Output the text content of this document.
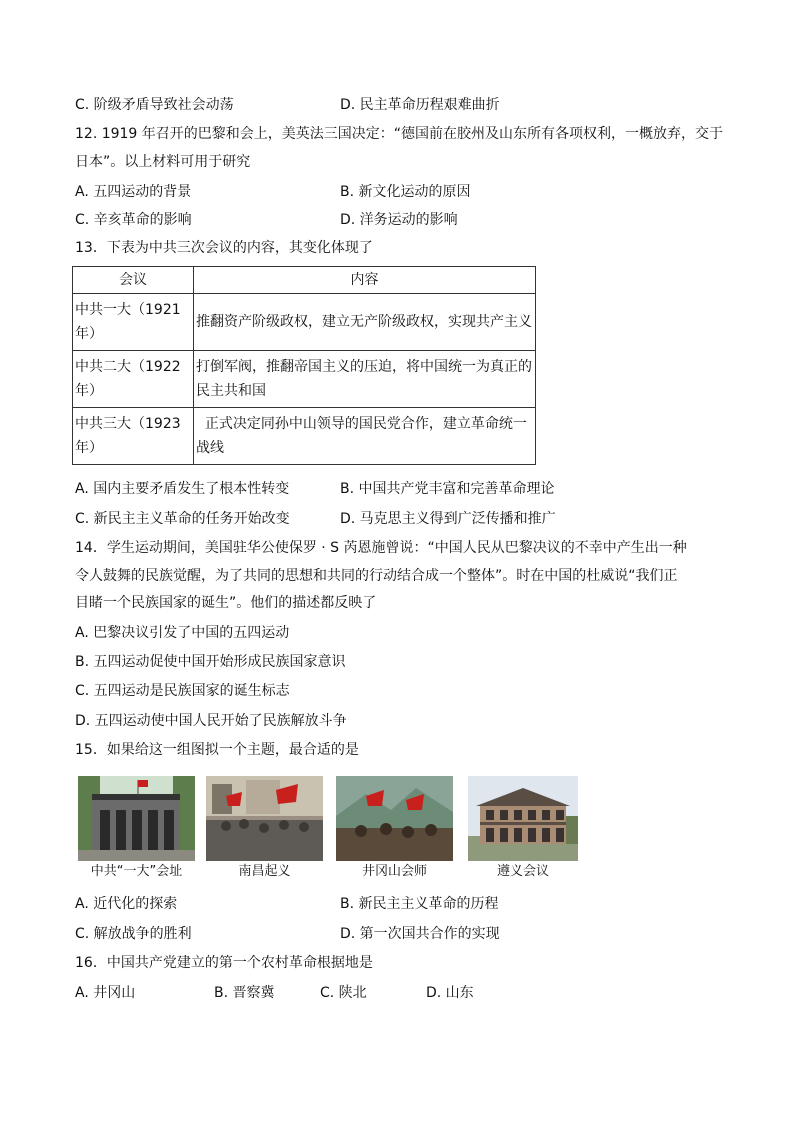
C. 阶级矛盾导致社会动荡	D. 民主革命历程艰难曲折
12. 1919 年召开的巴黎和会上，美英法三国决定：“德国前在胶州及山东所有各项权利，一概放弃，交于
日本”。以上材料可用于研究
A. 五四运动的背景	B. 新文化运动的原因
C. 辛亥革命的影响	D. 洋务运动的影响
13．下表为中共三次会议的内容，其变化体现了
会议	内容
中共一大（1921 年）	推翻资产阶级政权，建立无产阶级政权，实现共产主义
中共二大（1922 年）	打倒军阀，推翻帝国主义的压迫，将中国统一为真正的民主共和国
中共三大（1923 年）	正式决定同孙中山领导的国民党合作，建立革命统一战线
A. 国内主要矛盾发生了根本性转变	B. 中国共产党丰富和完善革命理论
C. 新民主主义革命的任务开始改变	D. 马克思主义得到广泛传播和推广
14．学生运动期间，美国驻华公使保罗 · S 芮恩施曾说：“中国人民从巴黎决议的不幸中产生出一种
令人鼓舞的民族觉醒，为了共同的思想和共同的行动结合成一个整体”。时在中国的杜威说“我们正
目睹一个民族国家的诞生”。他们的描述都反映了
A. 巴黎决议引发了中国的五四运动
B. 五四运动促使中国开始形成民族国家意识
C. 五四运动是民族国家的诞生标志
D. 五四运动使中国人民开始了民族解放斗争
15．如果给这一组图拟一个主题，最合适的是
中共“一大”会址	南昌起义	井冈山会师	遵义会议
A. 近代化的探索	B. 新民主主义革命的历程
C. 解放战争的胜利	D. 第一次国共合作的实现
16．中国共产党建立的第一个农村革命根据地是
A. 井冈山	B. 晋察冀	C. 陕北	D. 山东
